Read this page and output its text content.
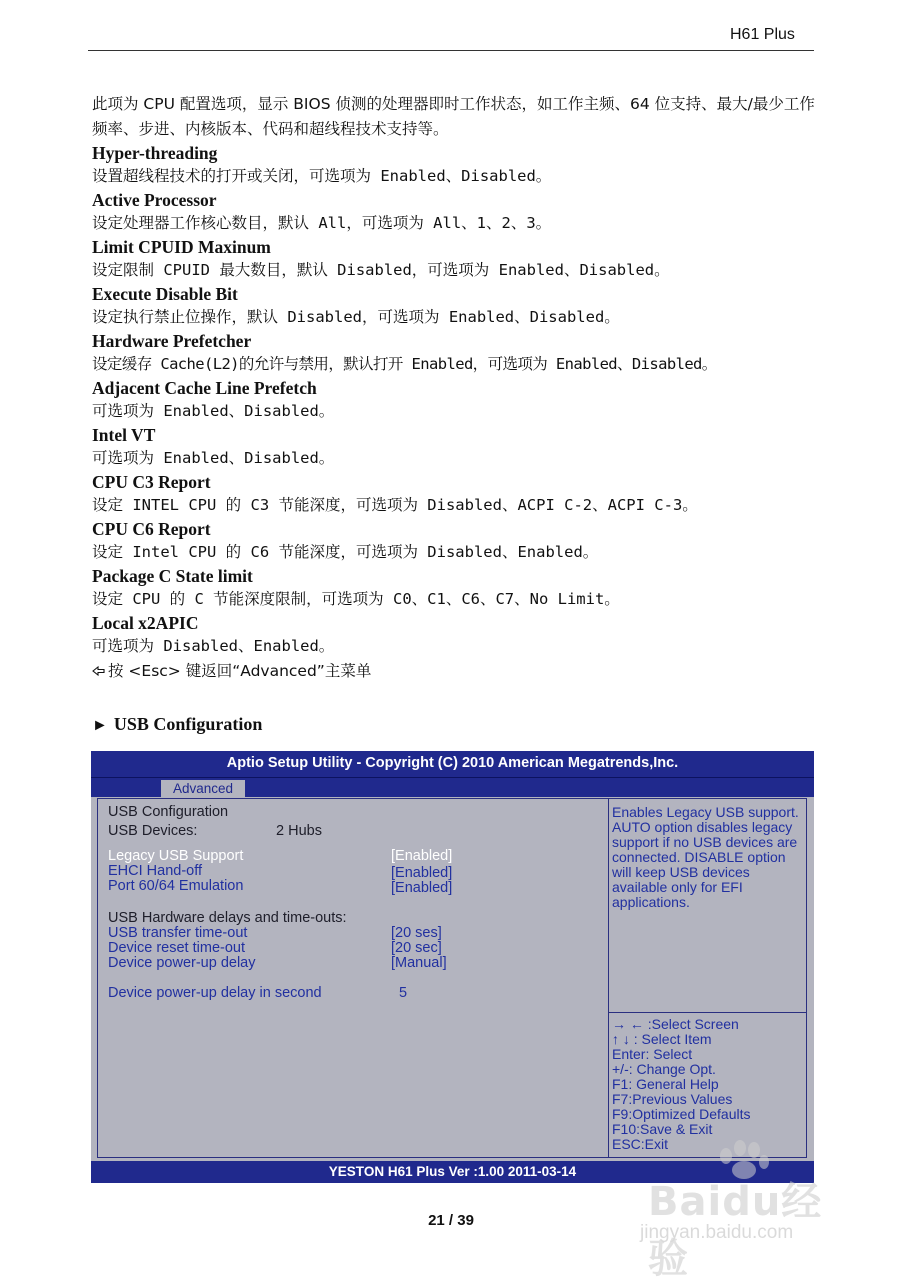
H61 Plus

此项为 CPU 配置选项，显示 BIOS 侦测的处理器即时工作状态，如工作主频、64 位支持、最大/最少工作频率、步进、内核版本、代码和超线程技术支持等。

Hyper-threading

设置超线程技术的打开或关闭，可选项为 Enabled、Disabled。

Active Processor

设定处理器工作核心数目，默认 All，可选项为 All、1、2、3。

Limit CPUID Maxinum

设定限制 CPUID 最大数目，默认 Disabled，可选项为 Enabled、Disabled。

Execute Disable Bit

设定执行禁止位操作，默认 Disabled，可选项为 Enabled、Disabled。

Hardware Prefetcher

设定缓存 Cache(L2)的允许与禁用，默认打开 Enabled，可选项为 Enabled、Disabled。

Adjacent Cache Line Prefetch

可选项为 Enabled、Disabled。

Intel VT

可选项为 Enabled、Disabled。

CPU C3 Report

设定 INTEL CPU 的 C3 节能深度，可选项为 Disabled、ACPI C-2、ACPI C-3。

CPU C6 Report

设定 Intel CPU 的 C6 节能深度，可选项为 Disabled、Enabled。

Package C State limit

设定 CPU 的 C 节能深度限制，可选项为 C0、C1、C6、C7、No Limit。

Local x2APIC

可选项为 Disabled、Enabled。

按 <Esc> 键返回“Advanced”主菜单

► USB Configuration
Aptio Setup Utility - Copyright (C) 2010 American Megatrends,Inc.
Advanced
USB Configuration
USB Devices:	2 Hubs
Legacy USB Support	[Enabled]
EHCI Hand-off	[Enabled]
Port 60/64 Emulation	[Enabled]
USB Hardware delays and time-outs:
USB transfer time-out	[20 ses]
Device reset time-out	[20 sec]
Device power-up delay	[Manual]
Device power-up delay in second	5

Enables Legacy USB support. AUTO option disables legacy support if no USB devices are connected. DISABLE option will keep USB devices available only for EFI applications.

→ ← :Select Screen
↑ ↓ : Select Item
Enter: Select
+/-: Change Opt.
F1: General Help
F7:Previous Values
F9:Optimized Defaults
F10:Save & Exit
ESC:Exit
YESTON H61 Plus Ver :1.00 2011-03-14
21 / 39	Baidu经验
jingyan.baidu.com
